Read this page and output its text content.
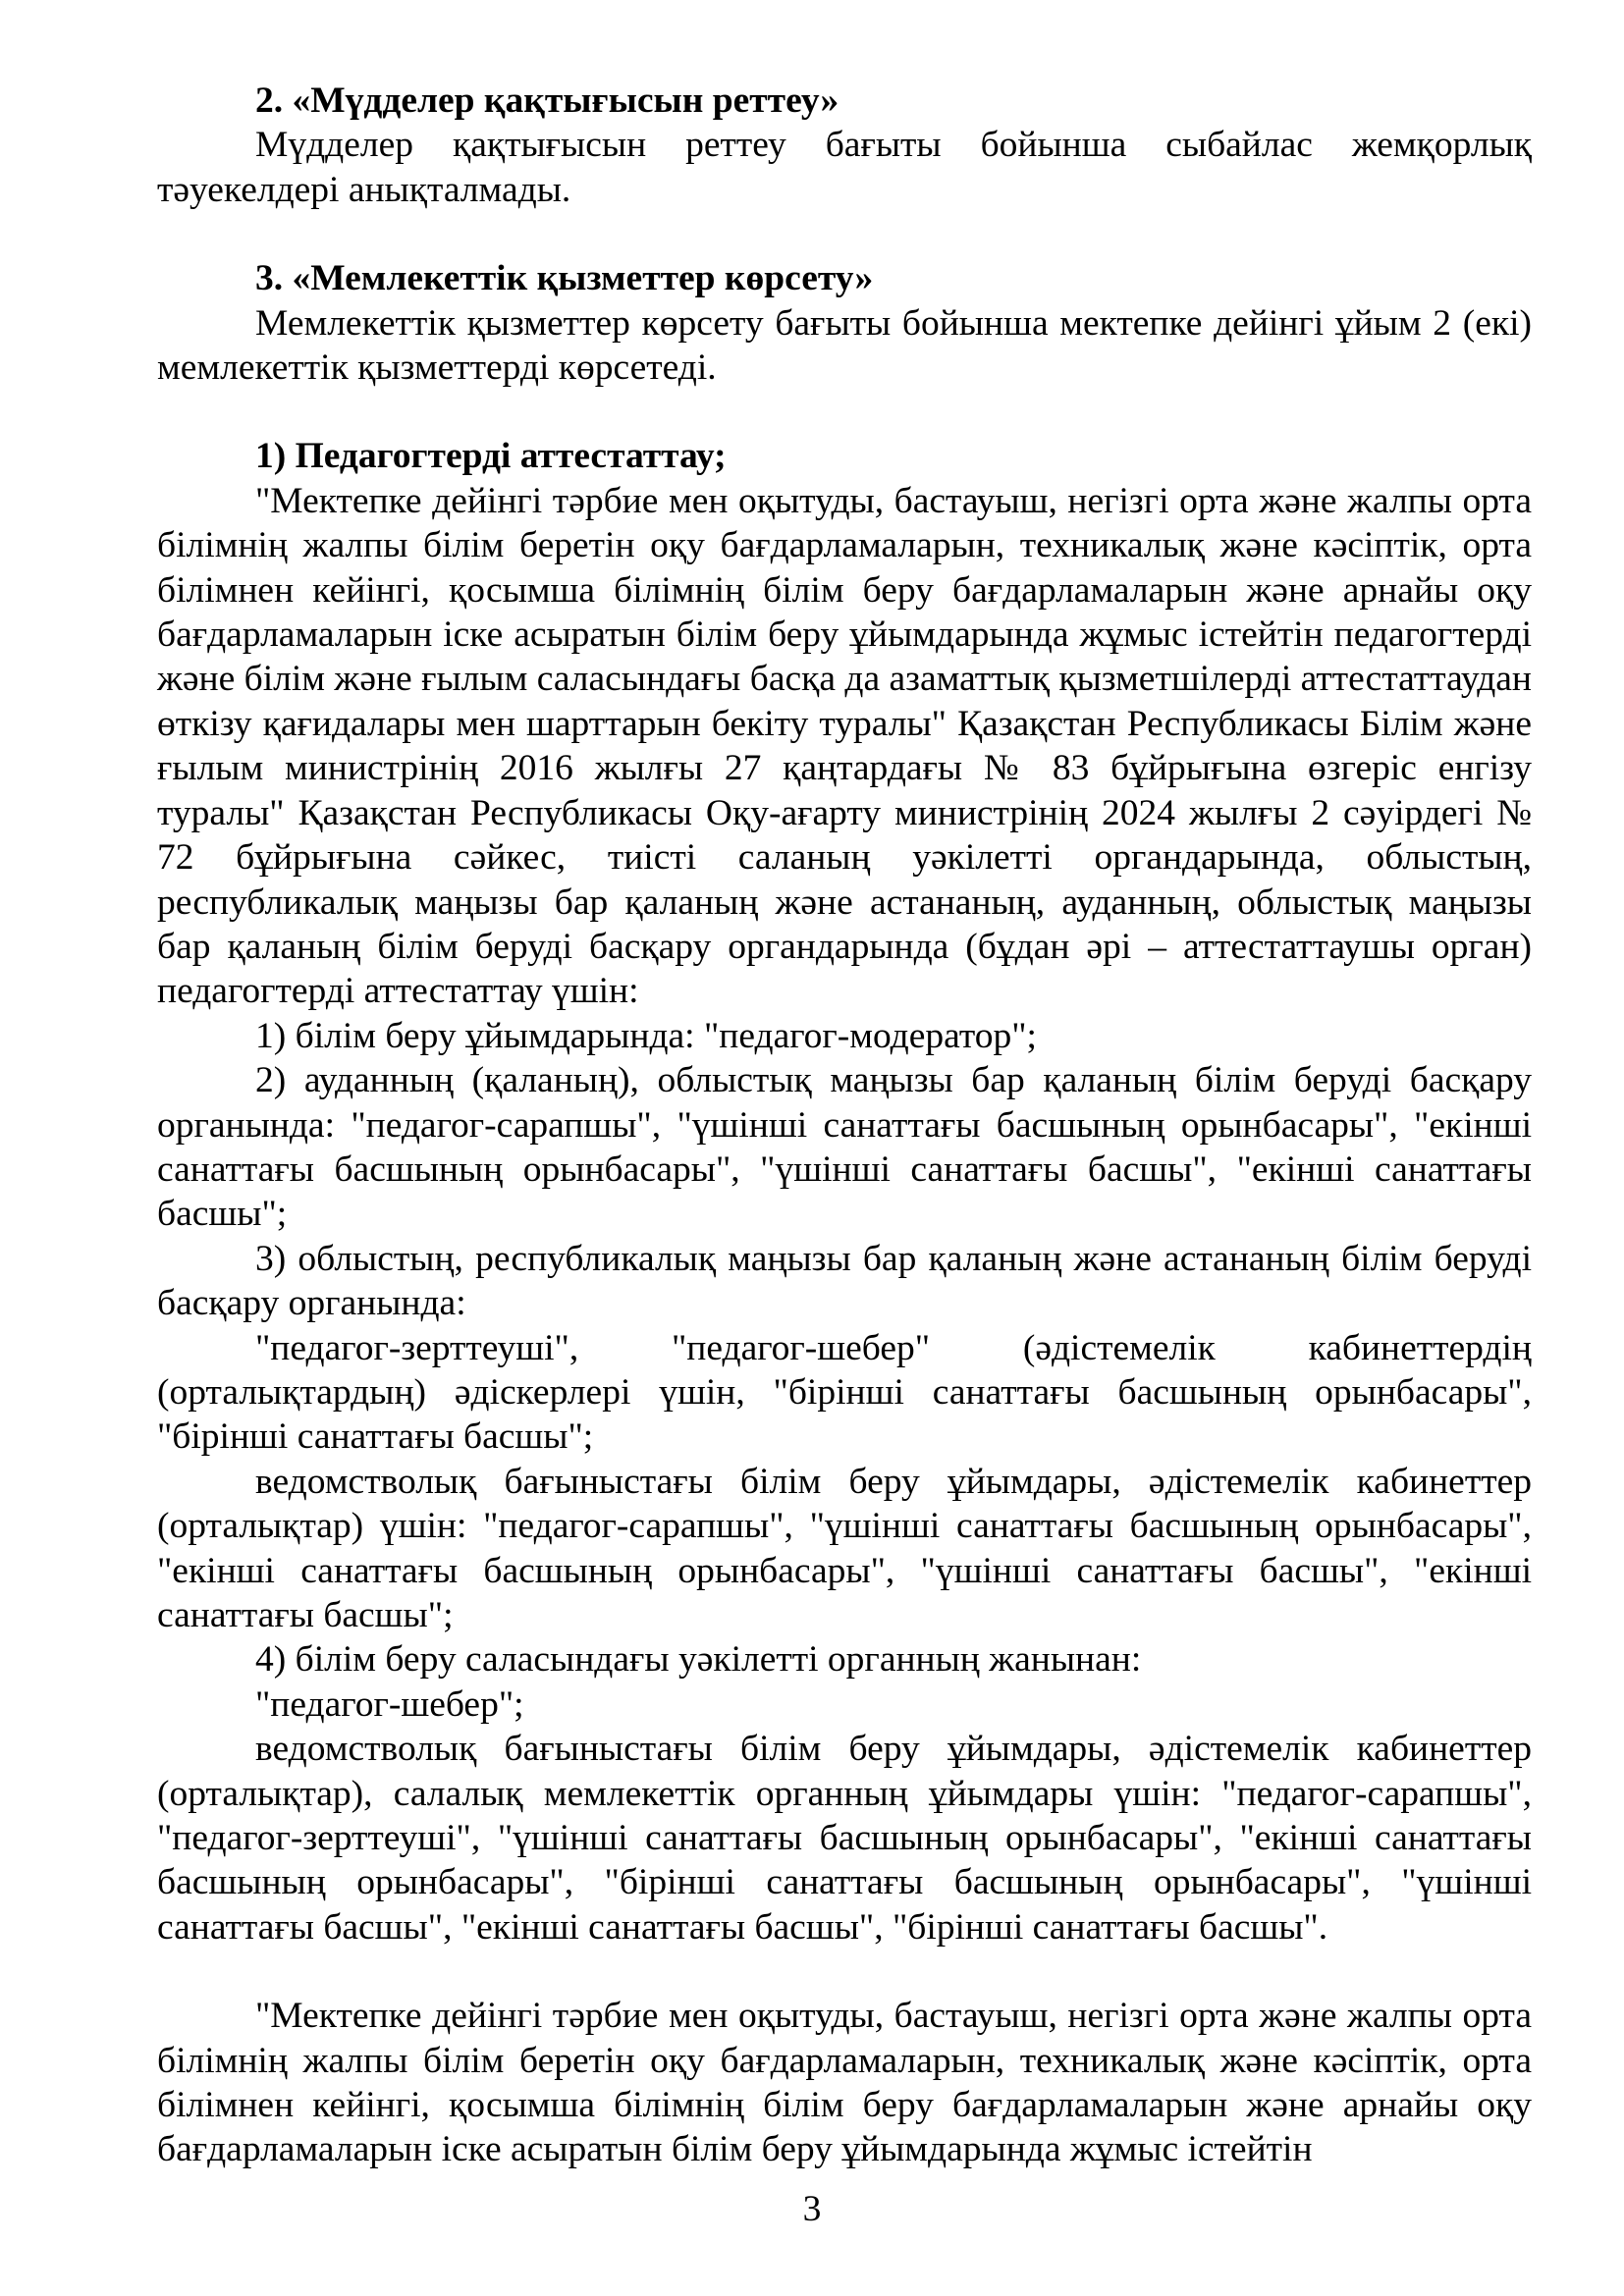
2. «Мүдделер қақтығысын реттеу»

Мүдделер қақтығысын реттеу бағыты бойынша сыбайлас жемқорлық тәуекелдері анықталмады.

3. «Мемлекеттік қызметтер көрсету»

Мемлекеттік қызметтер көрсету бағыты бойынша мектепке дейінгі ұйым 2 (екі) мемлекеттік қызметтерді көрсетеді.

1) Педагогтерді аттестаттау;

"Мектепке дейінгі тәрбие мен оқытуды, бастауыш, негізгі орта және жалпы орта білімнің жалпы білім беретін оқу бағдарламаларын, техникалық және кәсіптік, орта білімнен кейінгі, қосымша білімнің білім беру бағдарламаларын және арнайы оқу бағдарламаларын іске асыратын білім беру ұйымдарында жұмыс істейтін педагогтерді және білім және ғылым саласындағы басқа да азаматтық қызметшілерді аттестаттаудан өткізу қағидалары мен шарттарын бекіту туралы" Қазақстан Республикасы Білім және ғылым министрінің 2016 жылғы 27 қаңтардағы № 83 бұйрығына өзгеріс енгізу туралы" Қазақстан Республикасы Оқу-ағарту министрінің 2024 жылғы 2 сәуірдегі № 72 бұйрығына сәйкес, тиісті саланың уәкілетті органдарында, облыстың, республикалық маңызы бар қаланың және астананың, ауданның, облыстық маңызы бар қаланың білім беруді басқару органдарында (бұдан әрі – аттестаттаушы орган) педагогтерді аттестаттау үшін:

1) білім беру ұйымдарында: "педагог-модератор";

2) ауданның (қаланың), облыстық маңызы бар қаланың білім беруді басқару органында: "педагог-сарапшы", "үшінші санаттағы басшының орынбасары", "екінші санаттағы басшының орынбасары", "үшінші санаттағы басшы", "екінші санаттағы басшы";

3) облыстың, республикалық маңызы бар қаланың және астананың білім беруді басқару органында:

"педагог-зерттеуші", "педагог-шебер" (әдістемелік кабинеттердің (орталықтардың) әдіскерлері үшін, "бірінші санаттағы басшының орынбасары", "бірінші санаттағы басшы";

ведомстволық бағыныстағы білім беру ұйымдары, әдістемелік кабинеттер (орталықтар) үшін: "педагог-сарапшы", "үшінші санаттағы басшының орынбасары", "екінші санаттағы басшының орынбасары", "үшінші санаттағы басшы", "екінші санаттағы басшы";

4) білім беру саласындағы уәкілетті органның жанынан:

"педагог-шебер";

ведомстволық бағыныстағы білім беру ұйымдары, әдістемелік кабинеттер (орталықтар), салалық мемлекеттік органның ұйымдары үшін: "педагог-сарапшы", "педагог-зерттеуші", "үшінші санаттағы басшының орынбасары", "екінші санаттағы басшының орынбасары", "бірінші санаттағы басшының орынбасары", "үшінші санаттағы басшы", "екінші санаттағы басшы", "бірінші санаттағы басшы".

"Мектепке дейінгі тәрбие мен оқытуды, бастауыш, негізгі орта және жалпы орта білімнің жалпы білім беретін оқу бағдарламаларын, техникалық және кәсіптік, орта білімнен кейінгі, қосымша білімнің білім беру бағдарламаларын және арнайы оқу бағдарламаларын іске асыратын білім беру ұйымдарында жұмыс істейтін

3
